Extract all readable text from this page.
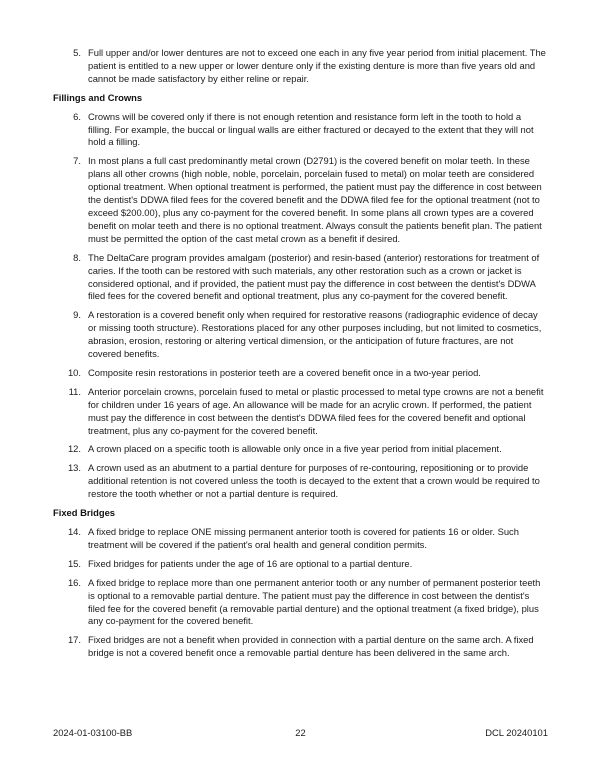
5. Full upper and/or lower dentures are not to exceed one each in any five year period from initial placement. The patient is entitled to a new upper or lower denture only if the existing denture is more than five years old and cannot be made satisfactory by either reline or repair.
Fillings and Crowns
6. Crowns will be covered only if there is not enough retention and resistance form left in the tooth to hold a filling. For example, the buccal or lingual walls are either fractured or decayed to the extent that they will not hold a filling.
7. In most plans a full cast predominantly metal crown (D2791) is the covered benefit on molar teeth. In these plans all other crowns (high noble, noble, porcelain, porcelain fused to metal) on molar teeth are considered optional treatment. When optional treatment is performed, the patient must pay the difference in cost between the dentist's DDWA filed fees for the covered benefit and the DDWA filed fee for the optional treatment (not to exceed $200.00), plus any co-payment for the covered benefit. In some plans all crown types are a covered benefit on molar teeth and there is no optional treatment. Always consult the patients benefit plan. The patient must be permitted the option of the cast metal crown as a benefit if desired.
8. The DeltaCare program provides amalgam (posterior) and resin-based (anterior) restorations for treatment of caries. If the tooth can be restored with such materials, any other restoration such as a crown or jacket is considered optional, and if provided, the patient must pay the difference in cost between the dentist's DDWA filed fees for the covered benefit and optional treatment, plus any co-payment for the covered benefit.
9. A restoration is a covered benefit only when required for restorative reasons (radiographic evidence of decay or missing tooth structure). Restorations placed for any other purposes including, but not limited to cosmetics, abrasion, erosion, restoring or altering vertical dimension, or the anticipation of future fractures, are not covered benefits.
10. Composite resin restorations in posterior teeth are a covered benefit once in a two-year period.
11. Anterior porcelain crowns, porcelain fused to metal or plastic processed to metal type crowns are not a benefit for children under 16 years of age. An allowance will be made for an acrylic crown. If performed, the patient must pay the difference in cost between the dentist's DDWA filed fees for the covered benefit and optional treatment, plus any co-payment for the covered benefit.
12. A crown placed on a specific tooth is allowable only once in a five year period from initial placement.
13. A crown used as an abutment to a partial denture for purposes of re-contouring, repositioning or to provide additional retention is not covered unless the tooth is decayed to the extent that a crown would be required to restore the tooth whether or not a partial denture is required.
Fixed Bridges
14. A fixed bridge to replace ONE missing permanent anterior tooth is covered for patients 16 or older. Such treatment will be covered if the patient's oral health and general condition permits.
15. Fixed bridges for patients under the age of 16 are optional to a partial denture.
16. A fixed bridge to replace more than one permanent anterior tooth or any number of permanent posterior teeth is optional to a removable partial denture. The patient must pay the difference in cost between the dentist's filed fee for the covered benefit (a removable partial denture) and the optional treatment (a fixed bridge), plus any co-payment for the covered benefit.
17. Fixed bridges are not a benefit when provided in connection with a partial denture on the same arch. A fixed bridge is not a covered benefit once a removable partial denture has been delivered in the same arch.
2024-01-03100-BB	22	DCL 20240101
